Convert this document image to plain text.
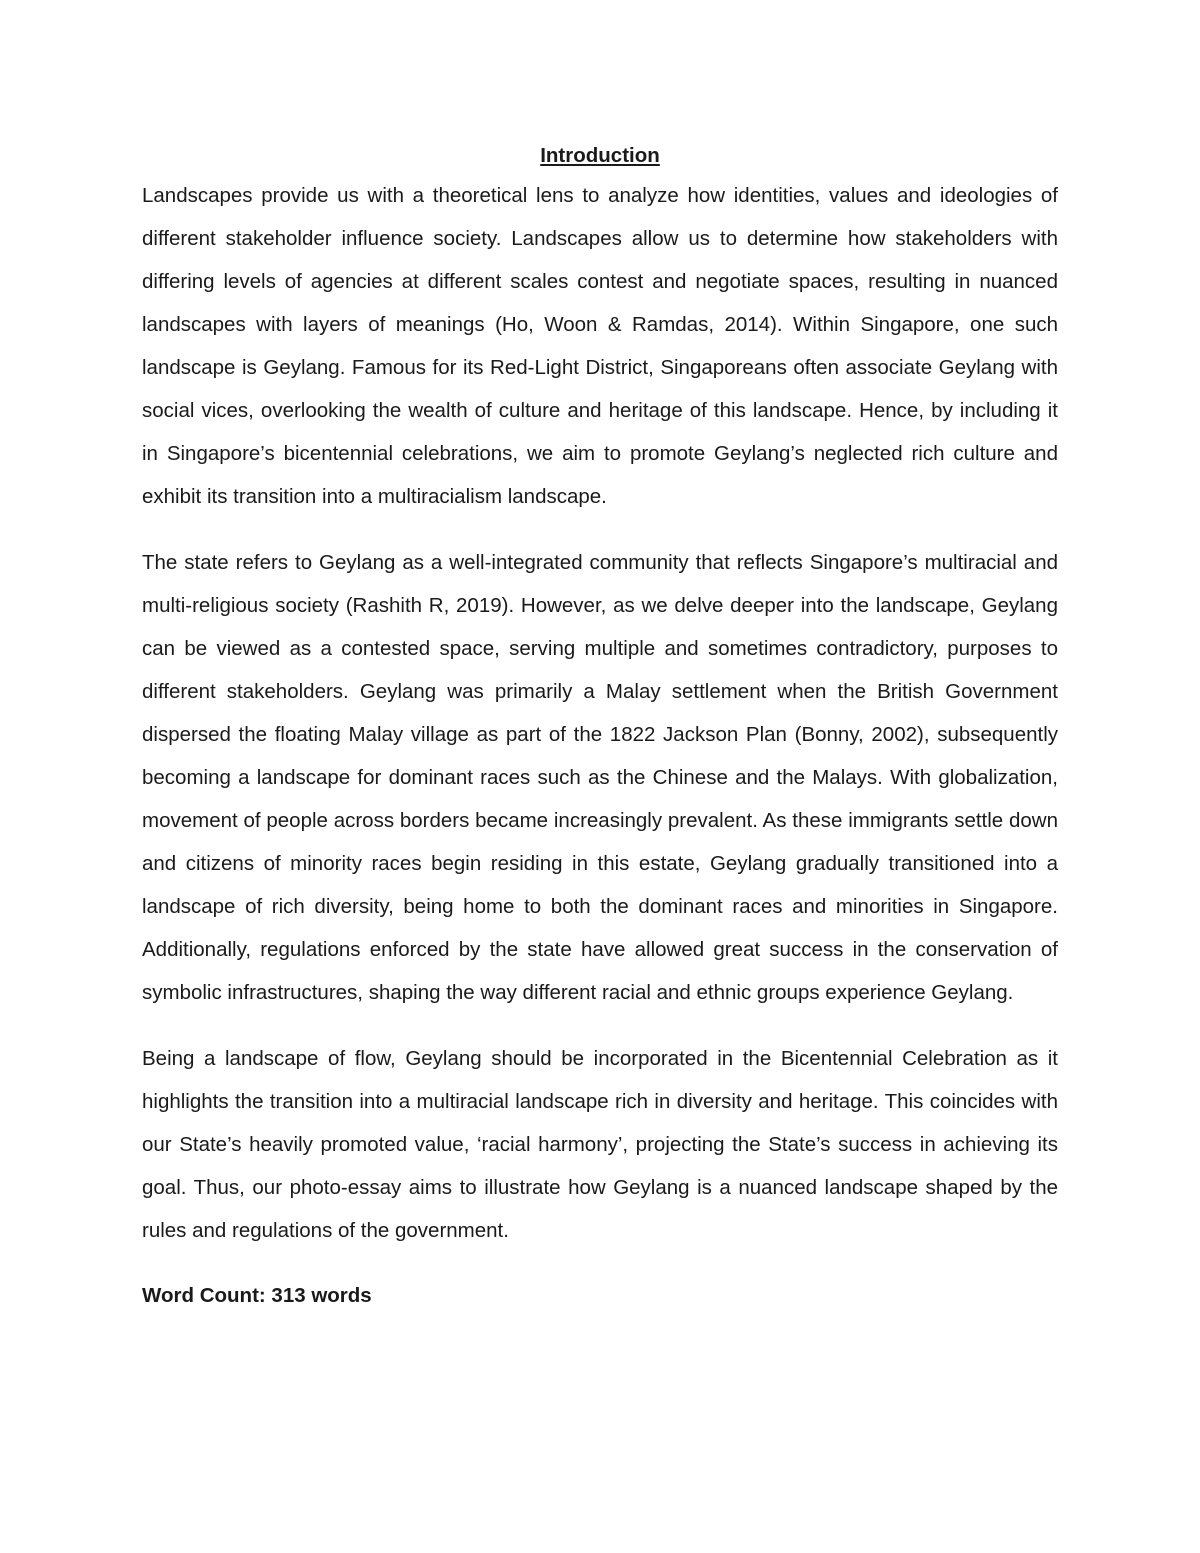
Introduction

Landscapes provide us with a theoretical lens to analyze how identities, values and ideologies of different stakeholder influence society. Landscapes allow us to determine how stakeholders with differing levels of agencies at different scales contest and negotiate spaces, resulting in nuanced landscapes with layers of meanings (Ho, Woon & Ramdas, 2014). Within Singapore, one such landscape is Geylang. Famous for its Red-Light District, Singaporeans often associate Geylang with social vices, overlooking the wealth of culture and heritage of this landscape. Hence, by including it in Singapore’s bicentennial celebrations, we aim to promote Geylang’s neglected rich culture and exhibit its transition into a multiracialism landscape.

The state refers to Geylang as a well-integrated community that reflects Singapore’s multiracial and multi-religious society (Rashith R, 2019). However, as we delve deeper into the landscape, Geylang can be viewed as a contested space, serving multiple and sometimes contradictory, purposes to different stakeholders. Geylang was primarily a Malay settlement when the British Government dispersed the floating Malay village as part of the 1822 Jackson Plan (Bonny, 2002), subsequently becoming a landscape for dominant races such as the Chinese and the Malays. With globalization, movement of people across borders became increasingly prevalent. As these immigrants settle down and citizens of minority races begin residing in this estate, Geylang gradually transitioned into a landscape of rich diversity, being home to both the dominant races and minorities in Singapore. Additionally, regulations enforced by the state have allowed great success in the conservation of symbolic infrastructures, shaping the way different racial and ethnic groups experience Geylang.

Being a landscape of flow, Geylang should be incorporated in the Bicentennial Celebration as it highlights the transition into a multiracial landscape rich in diversity and heritage. This coincides with our State’s heavily promoted value, ‘racial harmony’, projecting the State’s success in achieving its goal. Thus, our photo-essay aims to illustrate how Geylang is a nuanced landscape shaped by the rules and regulations of the government.

Word Count: 313 words
